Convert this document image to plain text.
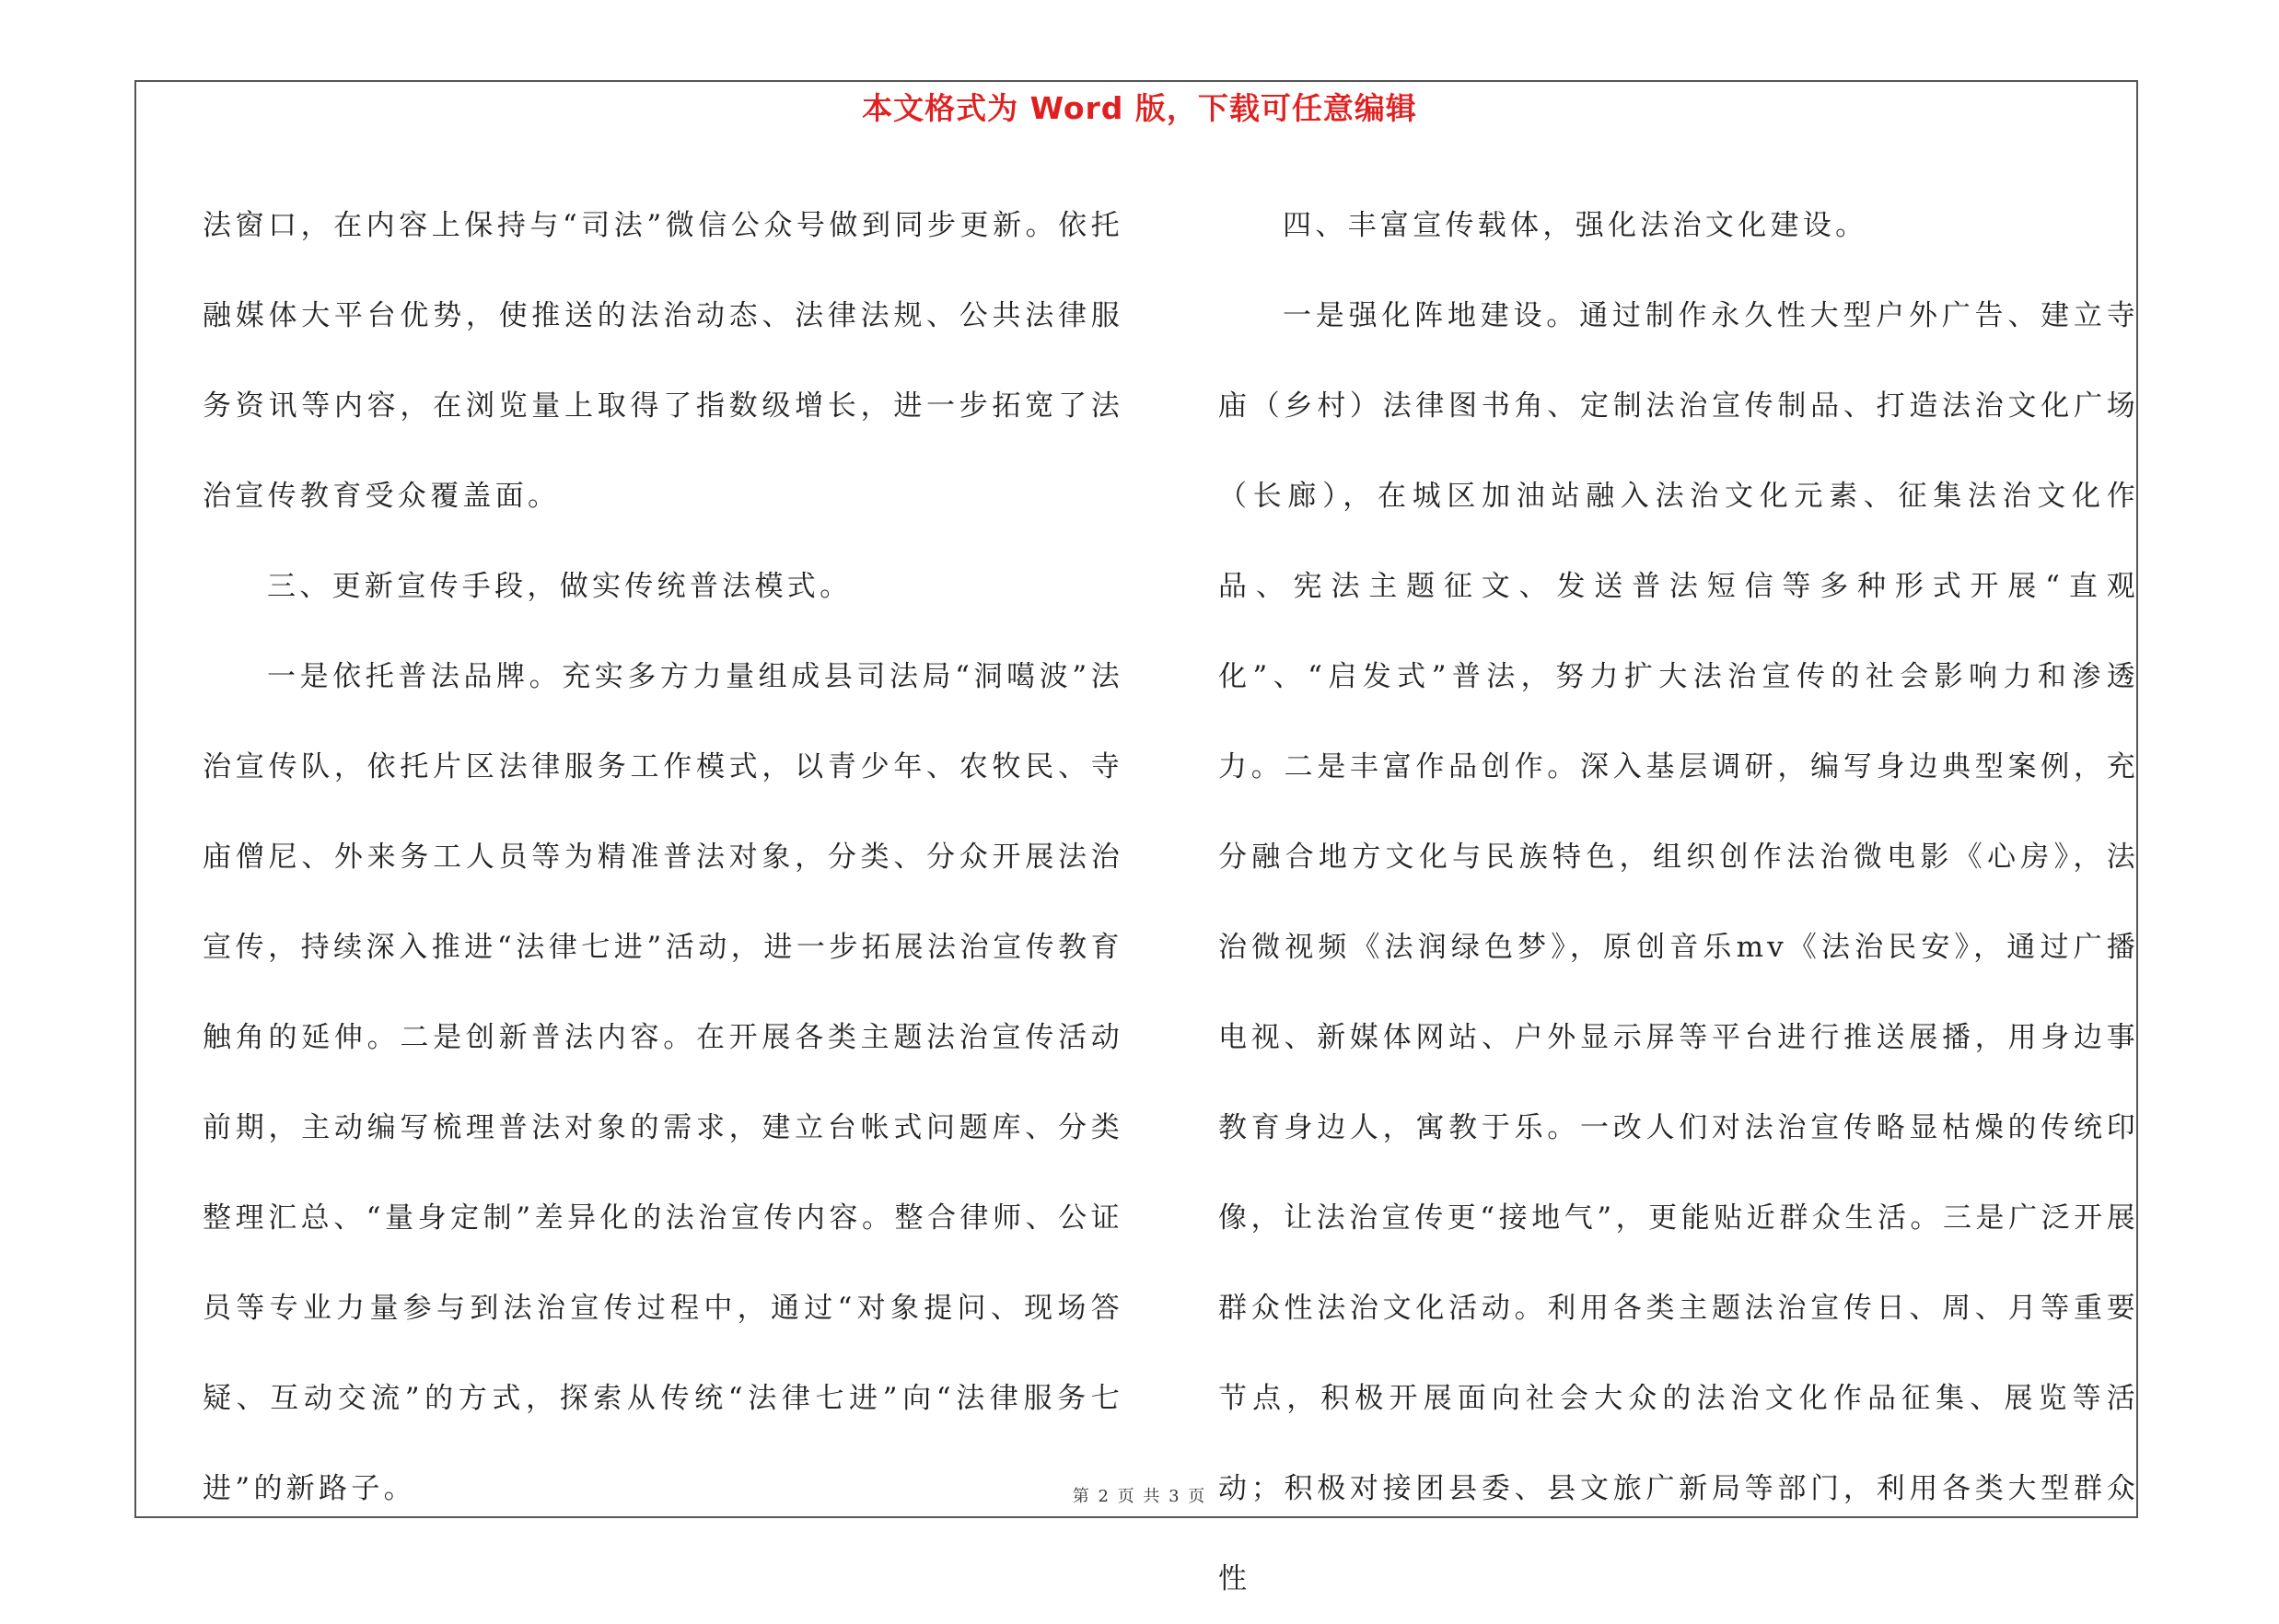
本文格式为 Word 版，下载可任意编辑

法窗口，在内容上保持与“司法”微信公众号做到同步更新。依托融媒体大平台优势，使推送的法治动态、法律法规、公共法律服务资讯等内容，在浏览量上取得了指数级增长，进一步拓宽了法治宣传教育受众覆盖面。

三、更新宣传手段，做实传统普法模式。

一是依托普法品牌。充实多方力量组成县司法局“洞噶波”法治宣传队，依托片区法律服务工作模式，以青少年、农牧民、寺庙僧尼、外来务工人员等为精准普法对象，分类、分众开展法治宣传，持续深入推进“法律七进”活动，进一步拓展法治宣传教育触角的延伸。二是创新普法内容。在开展各类主题法治宣传活动前期，主动编写梳理普法对象的需求，建立台帐式问题库、分类整理汇总、“量身定制”差异化的法治宣传内容。整合律师、公证员等专业力量参与到法治宣传过程中，通过“对象提问、现场答疑、互动交流”的方式，探索从传统“法律七进”向“法律服务七进”的新路子。

四、丰富宣传载体，强化法治文化建设。

一是强化阵地建设。通过制作永久性大型户外广告、建立寺庙（乡村）法律图书角、定制法治宣传制品、打造法治文化广场（长廊），在城区加油站融入法治文化元素、征集法治文化作品、宪法主题征文、发送普法短信等多种形式开展“直观化”、“启发式”普法，努力扩大法治宣传的社会影响力和渗透力。二是丰富作品创作。深入基层调研，编写身边典型案例，充分融合地方文化与民族特色，组织创作法治微电影《心房》，法治微视频《法润绿色梦》，原创音乐mv《法治民安》，通过广播电视、新媒体网站、户外显示屏等平台进行推送展播，用身边事教育身边人，寓教于乐。一改人们对法治宣传略显枯燥的传统印像，让法治宣传更“接地气”，更能贴近群众生活。三是广泛开展群众性法治文化活动。利用各类主题法治宣传日、周、月等重要节点，积极开展面向社会大众的法治文化作品征集、展览等活动；积极对接团县委、县文旅广新局等部门，利用各类大型群众性

第 2 页 共 3 页
